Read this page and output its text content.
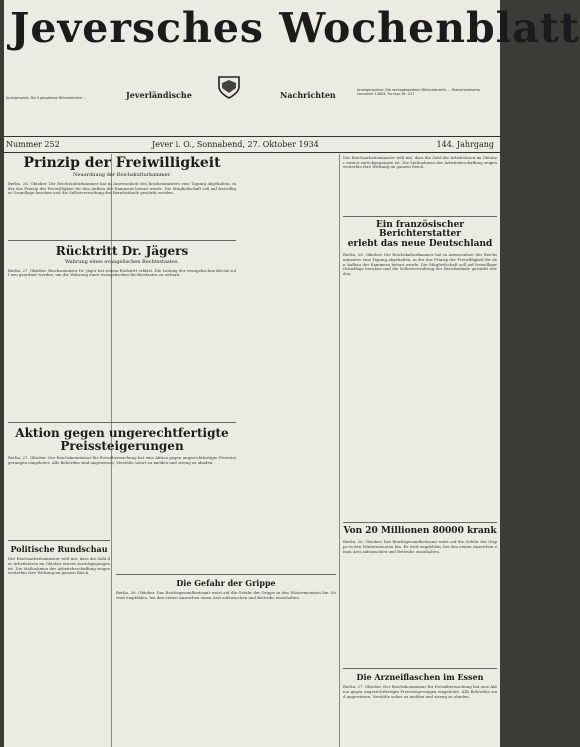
Jeversches Wochenblatt
Jeverländische	Nachrichten
Anzeigenpreis: Die 9 gespaltene Millimeterzeile ...
Anzeigenpreise: Die sechsgespaltene Millimeterzeile ... Postscheckkonto Hannover 13804. Fernspr. Nr. 237
Nummer 252	Jever i. O., Sonnabend, 27. Oktober 1934	144. Jahrgang
Prinzip der Freiwilligkeit
Neuordnung der Reichskulturkammer.
Berlin, 26. Oktober. Die Reichskulturkammer hat in Anwesenheit des Reichsministers eine Tagung abgehalten, in der das Prinzip der Freiwilligkeit für den Aufbau der Kammern betont wurde. Die Mitgliedschaft soll auf freiwilliger Grundlage beruhen und die Selbstverwaltung der Berufsstände gestärkt werden.
Rücktritt Dr. Jägers
Wahrung eines evangelischen Rechtsstaates.
Berlin, 27. Oktober. Reichsminister Dr. Jäger hat seinen Rücktritt erklärt. Die Leitung der evangelischen Kirche soll neu geordnet werden, um die Wahrung eines evangelischen Rechtsstaates zu sichern.
Aktion gegen ungerechtfertigte
Preissteigerungen
Berlin, 27. Oktober. Der Reichskommissar für Preisüberwachung hat eine Aktion gegen ungerechtfertigte Preissteigerungen eingeleitet. Alle Behörden sind angewiesen, Verstöße sofort zu melden und streng zu ahnden.
Politische Rundschau
Der Reichsarbeitsminister teilt mit, dass die Zahl der Arbeitslosen im Oktober erneut zurückgegangen ist. Die Maßnahmen der Arbeitsbeschaffung zeigen weiterhin ihre Wirkung im ganzen Reich.
Die Gefahr der Grippe
Berlin, 26. Oktober. Das Reichsgesundheitsamt weist auf die Gefahr der Grippe in den Wintermonaten hin. Es wird empfohlen, bei den ersten Anzeichen einen Arzt aufzusuchen und Bettruhe einzuhalten.
Der Reichsarbeitsminister teilt mit, dass die Zahl der Arbeitslosen im Oktober erneut zurückgegangen ist. Die Maßnahmen der Arbeitsbeschaffung zeigen weiterhin ihre Wirkung im ganzen Reich.
Ein französischer Berichterstatter
erlebt das neue Deutschland
Berlin, 26. Oktober. Die Reichskulturkammer hat in Anwesenheit des Reichsministers eine Tagung abgehalten, in der das Prinzip der Freiwilligkeit für den Aufbau der Kammern betont wurde. Die Mitgliedschaft soll auf freiwilliger Grundlage beruhen und die Selbstverwaltung der Berufsstände gestärkt werden.
Von 20 Millionen 80000 krank
Berlin, 26. Oktober. Das Reichsgesundheitsamt weist auf die Gefahr der Grippe in den Wintermonaten hin. Es wird empfohlen, bei den ersten Anzeichen einen Arzt aufzusuchen und Bettruhe einzuhalten.
Die Arzneiflaschen im Essen
Berlin, 27. Oktober. Der Reichskommissar für Preisüberwachung hat eine Aktion gegen ungerechtfertigte Preissteigerungen eingeleitet. Alle Behörden sind angewiesen, Verstöße sofort zu melden und streng zu ahnden.
